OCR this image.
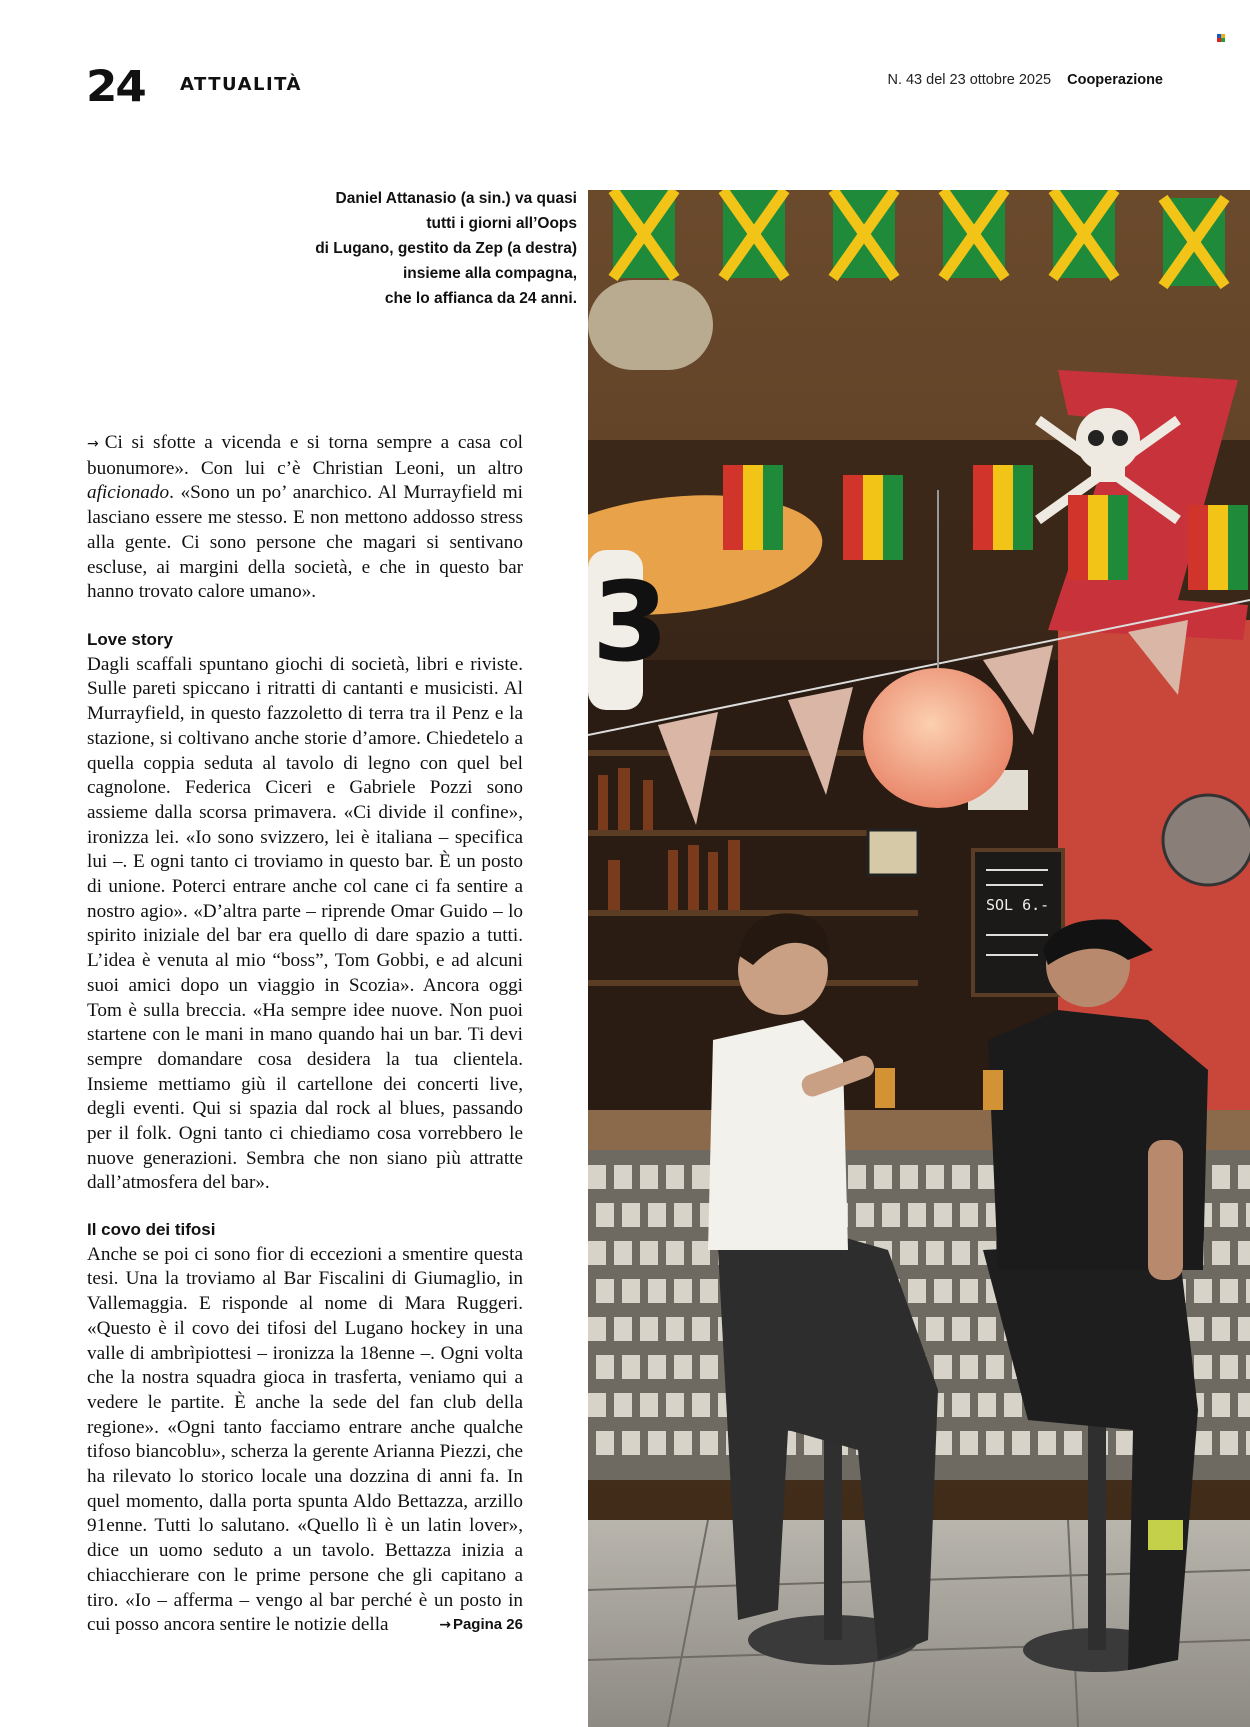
24 ATTUALITÀ	N. 43 del 23 ottobre 2025 Cooperazione
Daniel Attanasio (a sin.) va quasi
tutti i giorni all’Oops
di Lugano, gestito da Zep (a destra)
insieme alla compagna,
che lo affianca da 24 anni.

→ Ci si sfotte a vicenda e si torna sempre a casa col buonumore». Con lui c’è Christian Leoni, un altro aficionado. «Sono un po’ anarchico. Al Murrayfield mi lasciano essere me stesso. E non mettono addosso stress alla gente. Ci sono persone che magari si sentivano escluse, ai margini della società, e che in questo bar hanno trovato calore umano».

Love story

Dagli scaffali spuntano giochi di società, libri e riviste. Sulle pareti spiccano i ritratti di cantanti e musicisti. Al Murrayfield, in questo fazzoletto di terra tra il Penz e la stazione, si coltivano anche storie d’amore. Chiedetelo a quella coppia seduta al tavolo di legno con quel bel cagnolone. Federica Ciceri e Gabriele Pozzi sono assieme dalla scorsa primavera. «Ci divide il confine», ironizza lei. «Io sono svizzero, lei è italiana – specifica lui –. E ogni tanto ci troviamo in questo bar. È un posto di unione. Poterci entrare anche col cane ci fa sentire a nostro agio». «D’altra parte – riprende Omar Guido – lo spirito iniziale del bar era quello di dare spazio a tutti. L’idea è venuta al mio “boss”, Tom Gobbi, e ad alcuni suoi amici dopo un viaggio in Scozia». Ancora oggi Tom è sulla breccia. «Ha sempre idee nuove. Non puoi startene con le mani in mano quando hai un bar. Ti devi sempre domandare cosa desidera la tua clientela. Insieme mettiamo giù il cartellone dei concerti live, degli eventi. Qui si spazia dal rock al blues, passando per il folk. Ogni tanto ci chiediamo cosa vorrebbero le nuove generazioni. Sembra che non siano più attratte dall’atmosfera del bar».

Il covo dei tifosi

Anche se poi ci sono fior di eccezioni a smentire questa tesi. Una la troviamo al Bar Fiscalini di Giumaglio, in Vallemaggia. E risponde al nome di Mara Ruggeri. «Questo è il covo dei tifosi del Lugano hockey in una valle di ambrìpiottesi – ironizza la 18enne –. Ogni volta che la nostra squadra gioca in trasferta, veniamo qui a vedere le partite. È anche la sede del fan club della regione». «Ogni tanto facciamo entrare anche qualche tifoso biancoblu», scherza la gerente Arianna Piezzi, che ha rilevato lo storico locale una dozzina di anni fa. In quel momento, dalla porta spunta Aldo Bettazza, arzillo 91enne. Tutti lo salutano. «Quello lì è un latin lover», dice un uomo seduto a un tavolo. Bettazza inizia a chiacchierare con le prime persone che gli capitano a tiro. «Io – afferma – vengo al bar perché è un posto in cui posso ancora sentire le notizie della	→ Pagina 26

SOL 6.-
3
